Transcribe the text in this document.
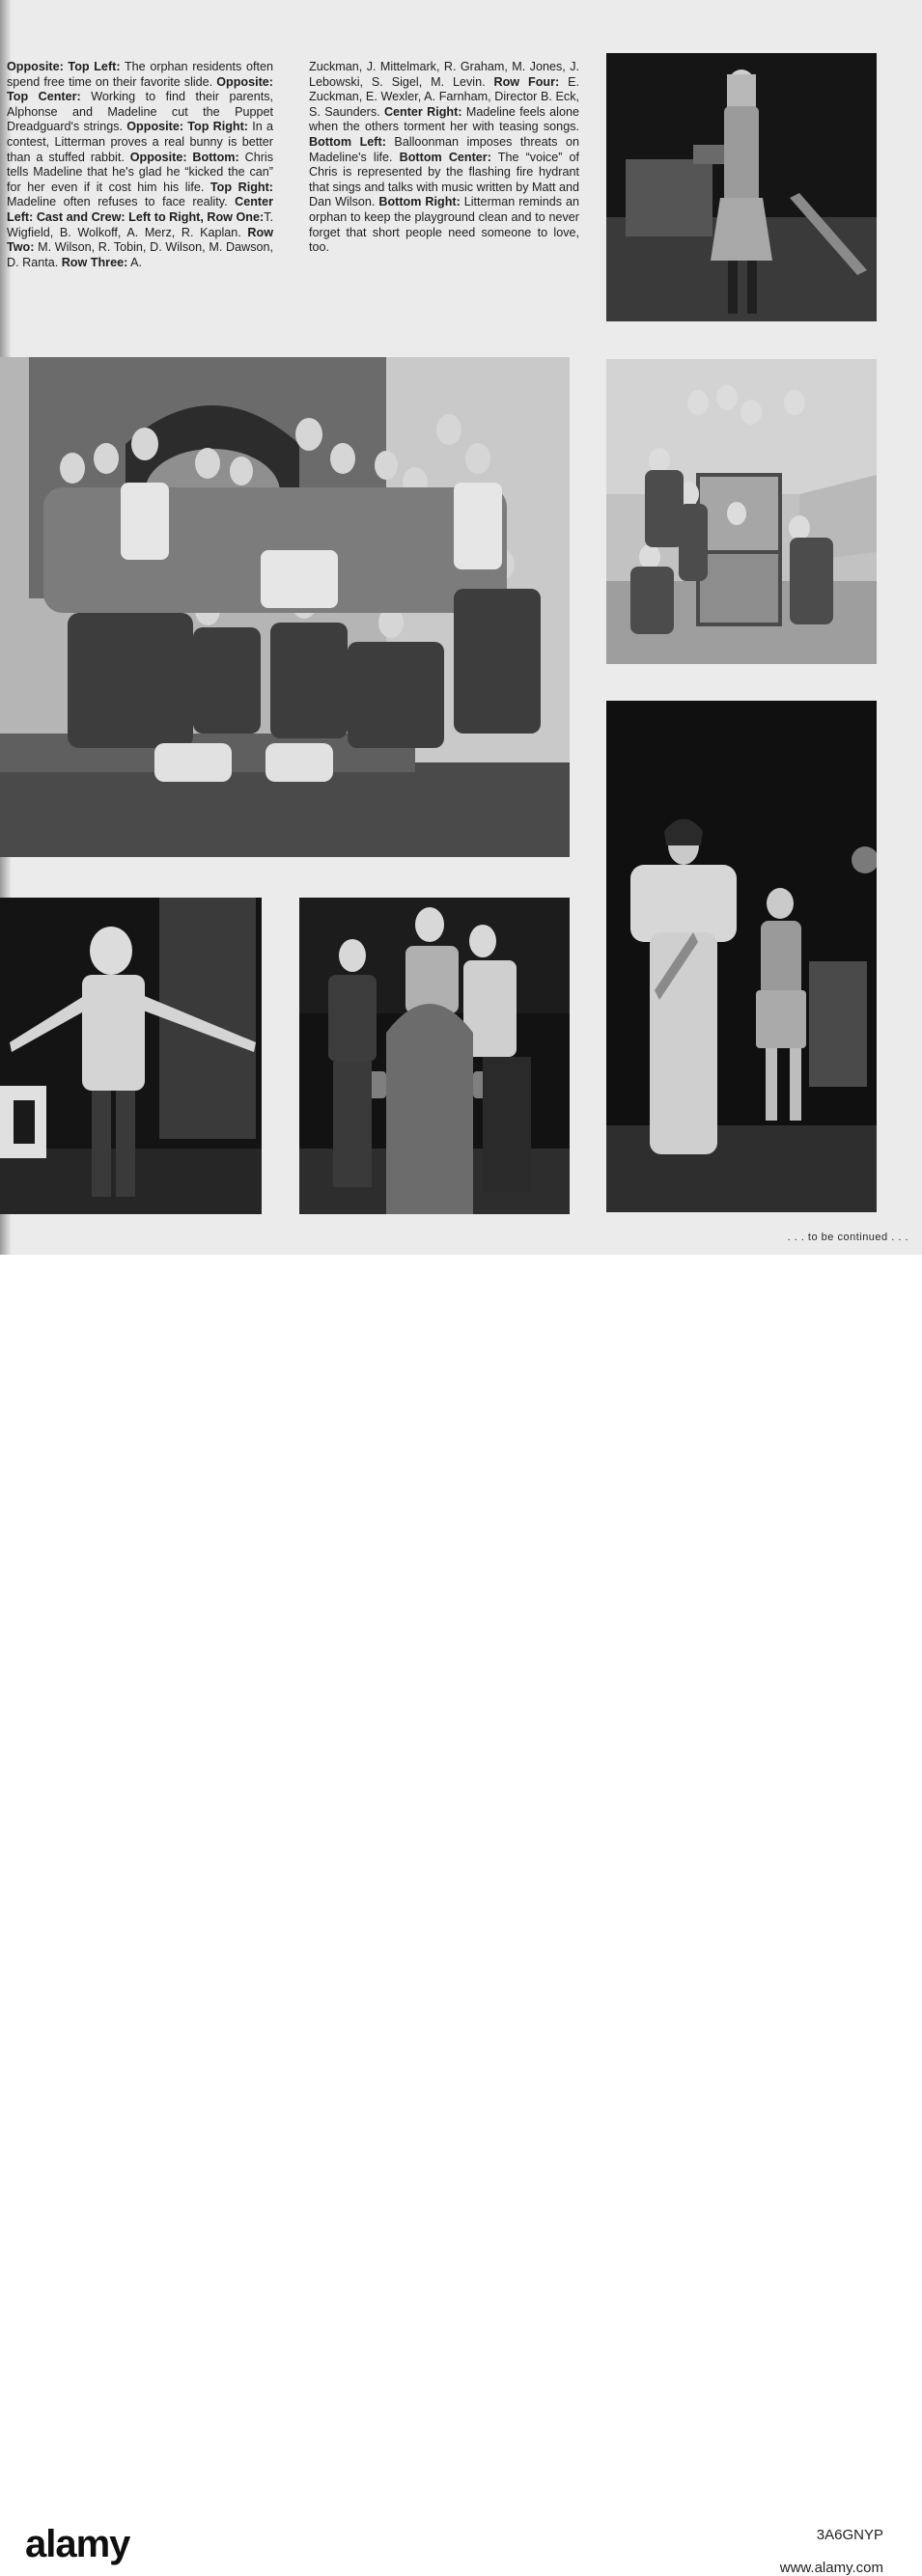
Opposite: Top Left: The orphan residents often spend free time on their favorite slide. Opposite: Top Center: Working to find their parents, Alphonse and Madeline cut the Puppet Dreadguard's strings. Opposite: Top Right: In a contest, Litterman proves a real bunny is better than a stuffed rabbit. Opposite: Bottom: Chris tells Madeline that he's glad he “kicked the can” for her even if it cost him his life. Top Right: Madeline often refuses to face reality. Center Left: Cast and Crew: Left to Right, Row One:T. Wigfield, B. Wolkoff, A. Merz, R. Kaplan. Row Two: M. Wilson, R. Tobin, D. Wilson, M. Dawson, D. Ranta. Row Three: A.

Zuckman, J. Mittelmark, R. Graham, M. Jones, J. Lebowski, S. Sigel, M. Levin. Row Four: E. Zuckman, E. Wexler, A. Farnham, Director B. Eck, S. Saunders. Center Right: Madeline feels alone when the others torment her with teasing songs. Bottom Left: Balloonman imposes threats on Madeline's life. Bottom Center: The “voice” of Chris is represented by the flashing fire hydrant that sings and talks with music written by Matt and Dan Wilson. Bottom Right: Litterman reminds an orphan to keep the playground clean and to never forget that short people need someone to love, too.

. . . to be continued . . .
alamy	3A6GNYP
www.alamy.com
